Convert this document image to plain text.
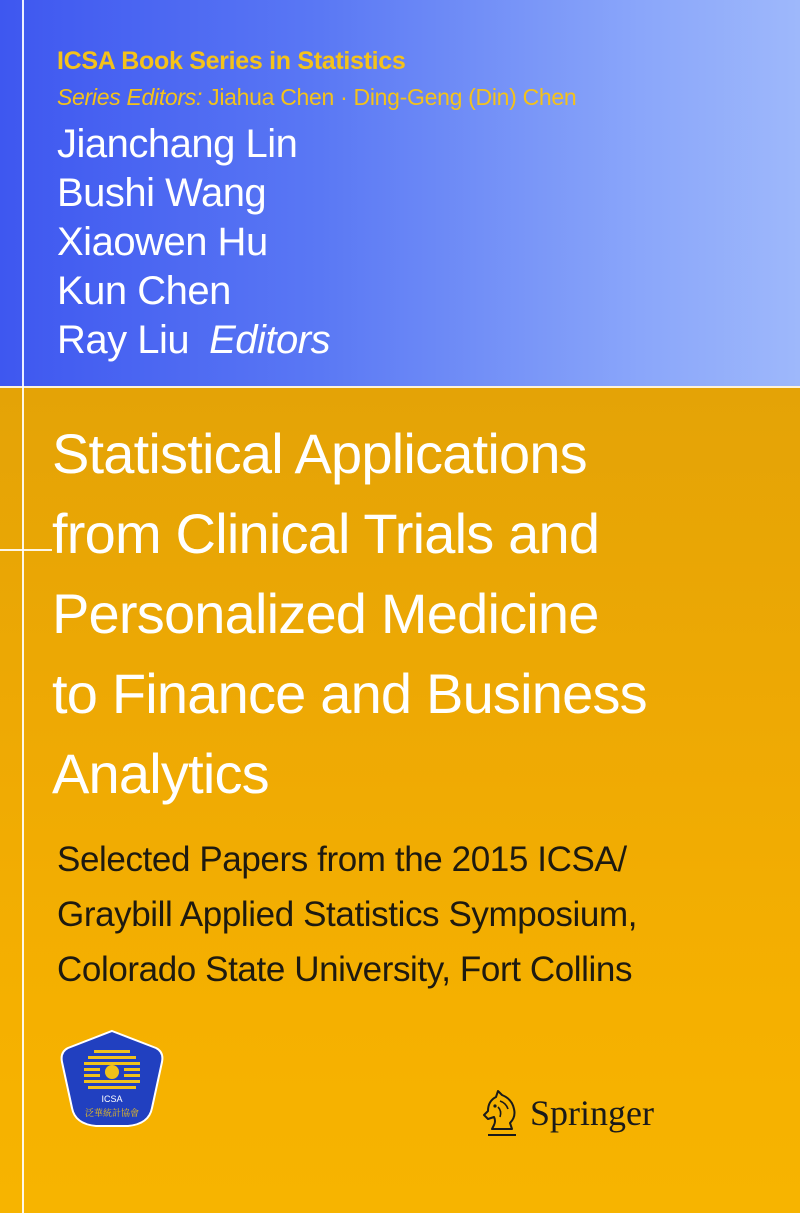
ICSA Book Series in Statistics
Series Editors: Jiahua Chen · Ding-Geng (Din) Chen
Jianchang Lin
Bushi Wang
Xiaowen Hu
Kun Chen
Ray Liu Editors
Statistical Applications
from Clinical Trials and
Personalized Medicine
to Finance and Business
Analytics
Selected Papers from the 2015 ICSA/
Graybill Applied Statistics Symposium,
Colorado State University, Fort Collins
ICSA
泛華統計協會	Springer
